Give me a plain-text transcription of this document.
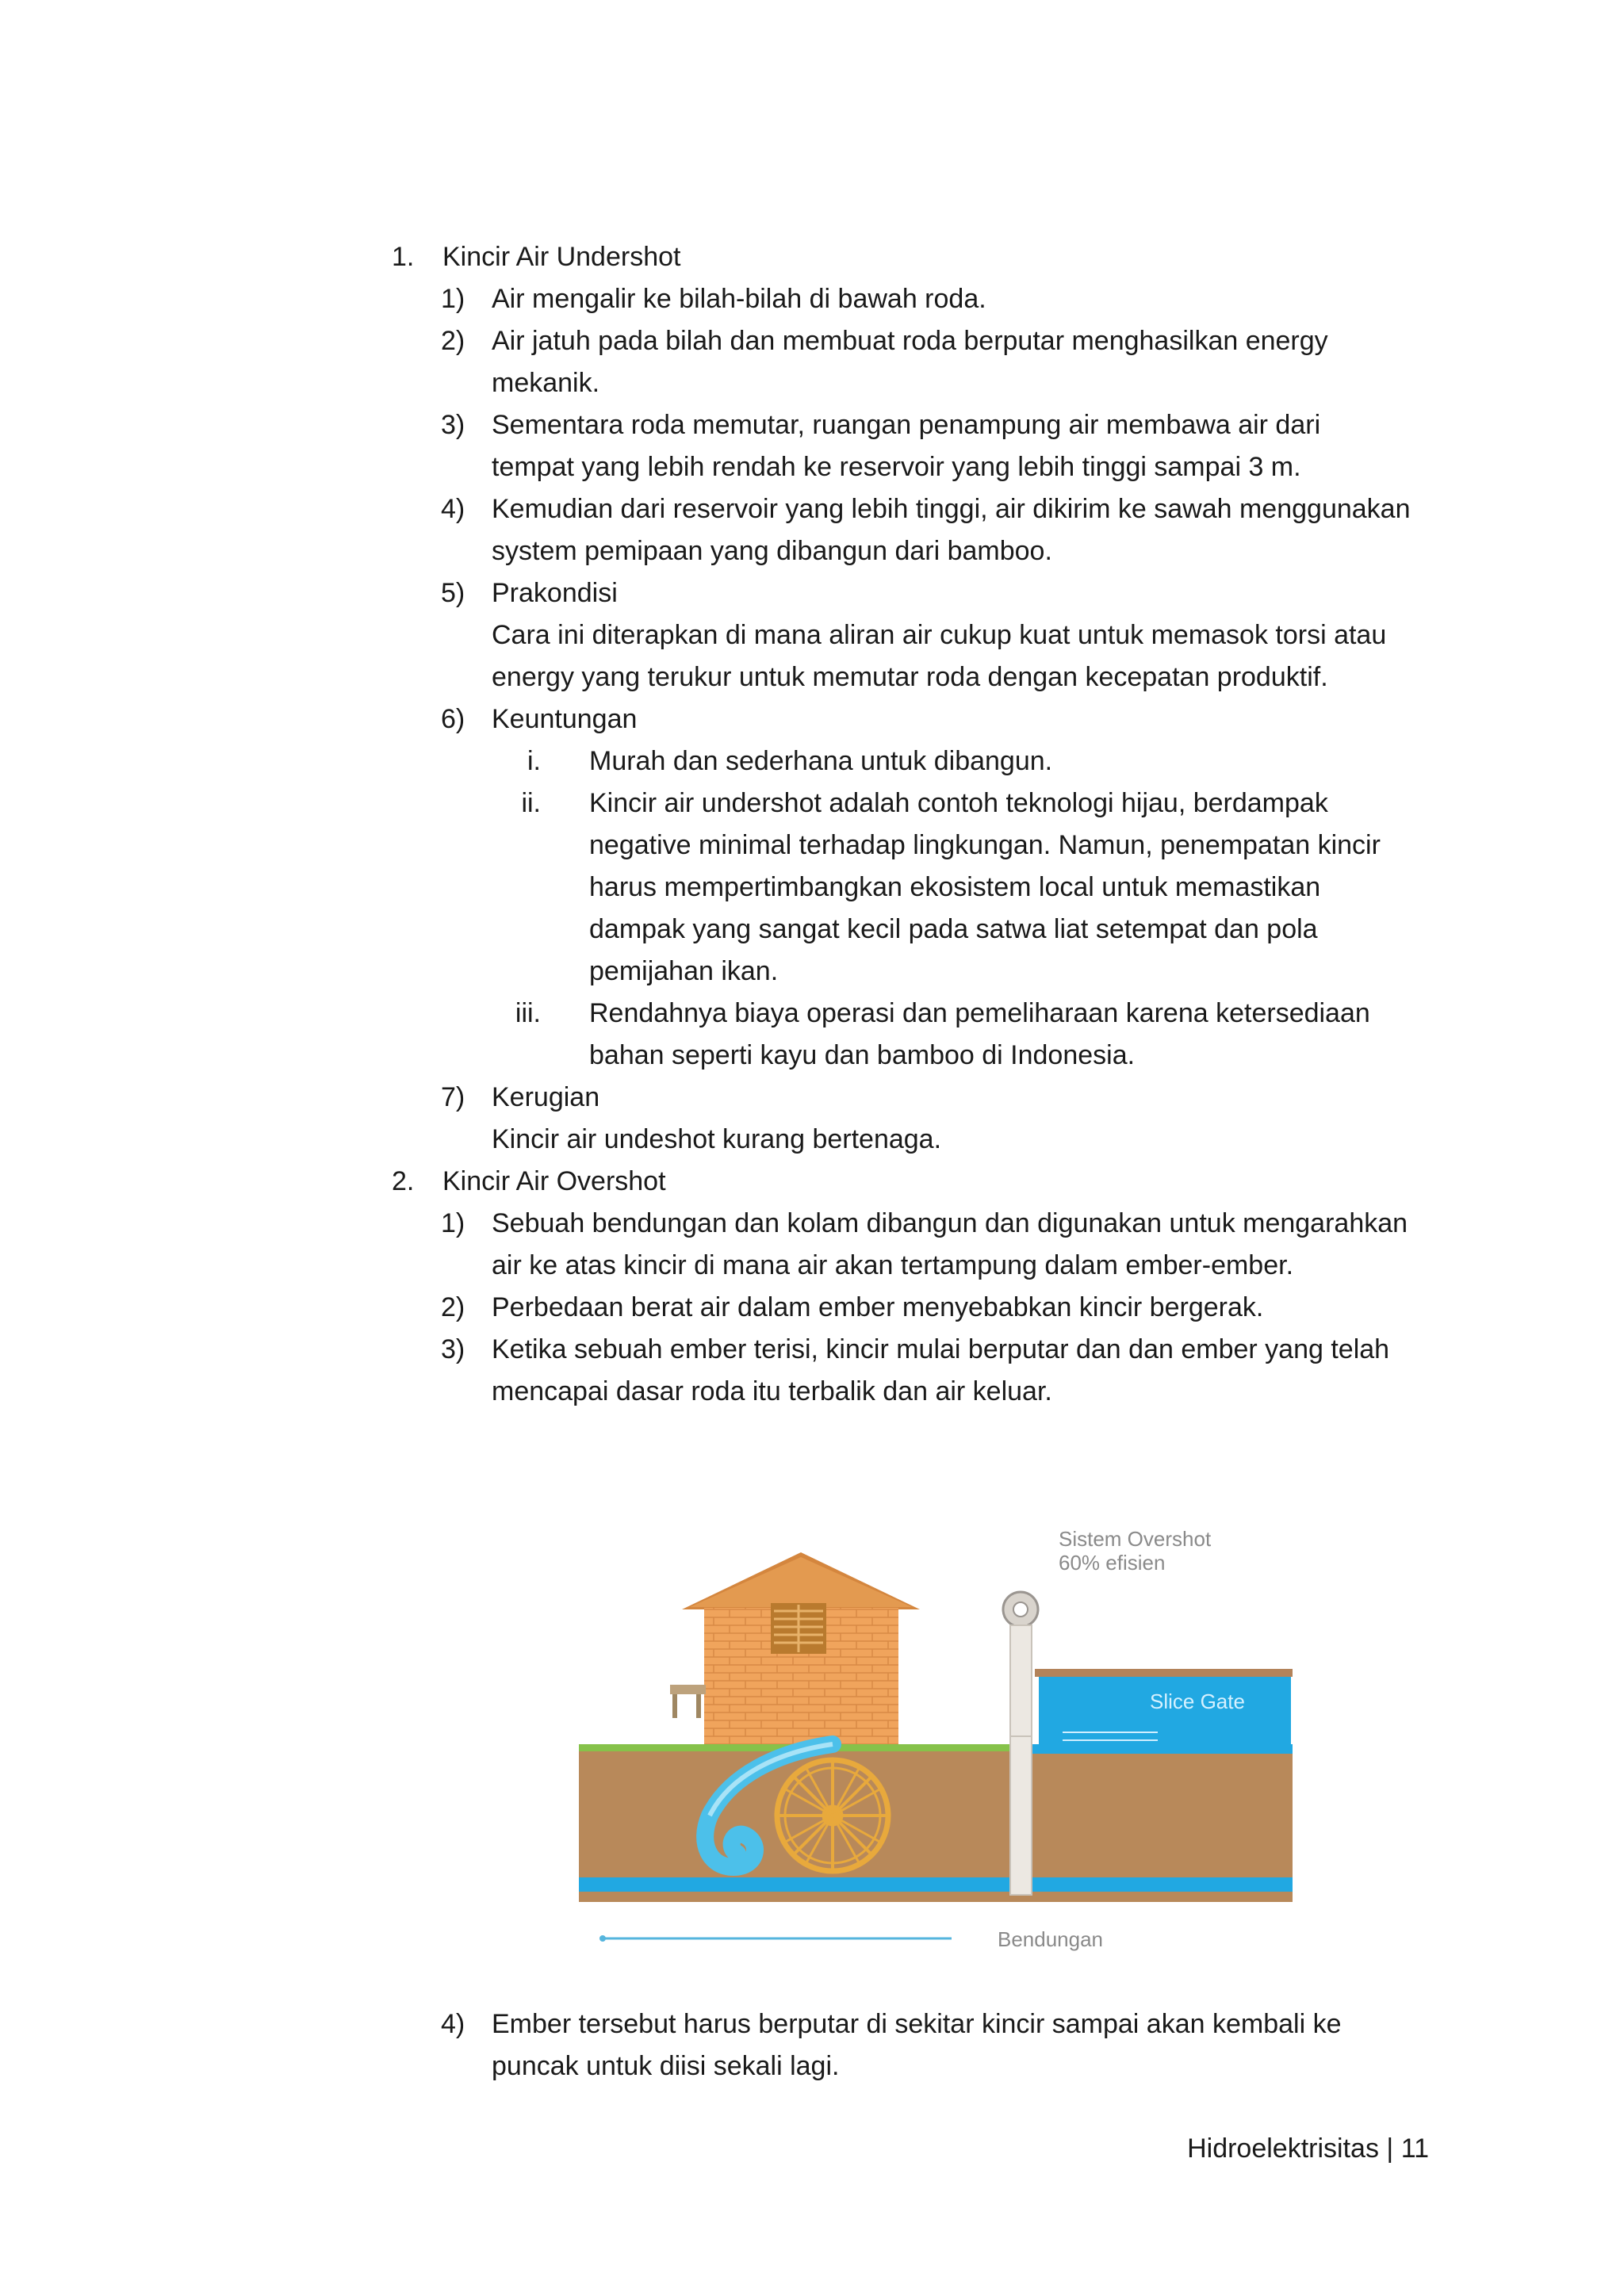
1. Kincir Air Undershot
1) Air mengalir ke bilah-bilah di bawah roda.
2) Air jatuh pada bilah dan membuat roda berputar menghasilkan energy
mekanik.
3) Sementara roda memutar, ruangan penampung air membawa air dari
tempat yang lebih rendah ke reservoir yang lebih tinggi sampai 3 m.
4) Kemudian dari reservoir yang lebih tinggi, air dikirim ke sawah menggunakan
system pemipaan yang dibangun dari bamboo.
5) Prakondisi
Cara ini diterapkan di mana aliran air cukup kuat untuk memasok torsi atau
energy yang terukur untuk memutar roda dengan kecepatan produktif.
6) Keuntungan
i. Murah dan sederhana untuk dibangun.
ii. Kincir air undershot adalah contoh teknologi hijau, berdampak
negative minimal terhadap lingkungan. Namun, penempatan kincir
harus mempertimbangkan ekosistem local untuk memastikan
dampak yang sangat kecil pada satwa liat setempat dan pola
pemijahan ikan.
iii. Rendahnya biaya operasi dan pemeliharaan karena ketersediaan
bahan seperti kayu dan bamboo di Indonesia.
7) Kerugian
Kincir air undeshot kurang bertenaga.
2. Kincir Air Overshot
1) Sebuah bendungan dan kolam dibangun dan digunakan untuk mengarahkan
air ke atas kincir di mana air akan tertampung dalam ember-ember.
2) Perbedaan berat air dalam ember menyebabkan kincir bergerak.
3) Ketika sebuah ember terisi, kincir mulai berputar dan dan ember yang telah
mencapai dasar roda itu terbalik dan air keluar.
Sistem Overshot
60% efisien
Slice Gate
Bendungan
4) Ember tersebut harus berputar di sekitar kincir sampai akan kembali ke
puncak untuk diisi sekali lagi.
Hidroelektrisitas | 11
